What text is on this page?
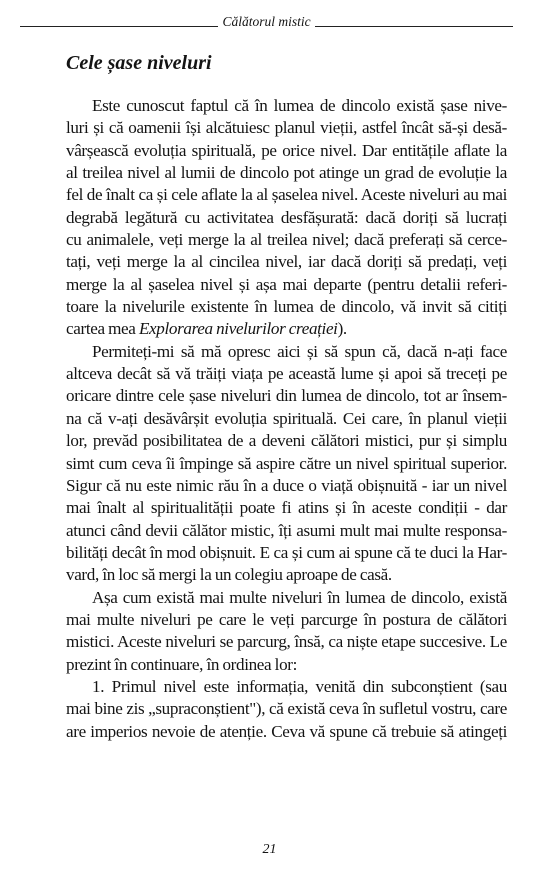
Călătorul mistic
Cele șase niveluri
Este cunoscut faptul că în lumea de dincolo există șase nive-
luri și că oamenii își alcătuiesc planul vieții, astfel încât să-și desă-
vârșească evoluția spirituală, pe orice nivel. Dar entitățile aflate la
al treilea nivel al lumii de dincolo pot atinge un grad de evoluție la
fel de înalt ca și cele aflate la al șaselea nivel. Aceste niveluri au mai
degrabă legătură cu activitatea desfășurată: dacă doriți să lucrați
cu animalele, veți merge la al treilea nivel; dacă preferați să cerce-
tați, veți merge la al cincilea nivel, iar dacă doriți să predați, veți
merge la al șaselea nivel și așa mai departe (pentru detalii referi-
toare la nivelurile existente în lumea de dincolo, vă invit să citiți
cartea mea Explorarea nivelurilor creației).
Permiteți-mi să mă opresc aici și să spun că, dacă n-ați face
altceva decât să vă trăiți viața pe această lume și apoi să treceți pe
oricare dintre cele șase niveluri din lumea de dincolo, tot ar însem-
na că v-ați desăvârșit evoluția spirituală. Cei care, în planul vieții
lor, prevăd posibilitatea de a deveni călători mistici, pur și simplu
simt cum ceva îi împinge să aspire către un nivel spiritual superior.
Sigur că nu este nimic rău în a duce o viață obișnuită - iar un nivel
mai înalt al spiritualității poate fi atins și în aceste condiții - dar
atunci când devii călător mistic, îți asumi mult mai multe responsa-
bilități decât în mod obișnuit. E ca și cum ai spune că te duci la Har-
vard, în loc să mergi la un colegiu aproape de casă.
Așa cum există mai multe niveluri în lumea de dincolo, există
mai multe niveluri pe care le veți parcurge în postura de călători
mistici. Aceste niveluri se parcurg, însă, ca niște etape succesive. Le
prezint în continuare, în ordinea lor:
1. Primul nivel este informația, venită din subconștient (sau
mai bine zis „supraconștient"), că există ceva în sufletul vostru, care
are imperios nevoie de atenție. Ceva vă spune că trebuie să atingeți
21
